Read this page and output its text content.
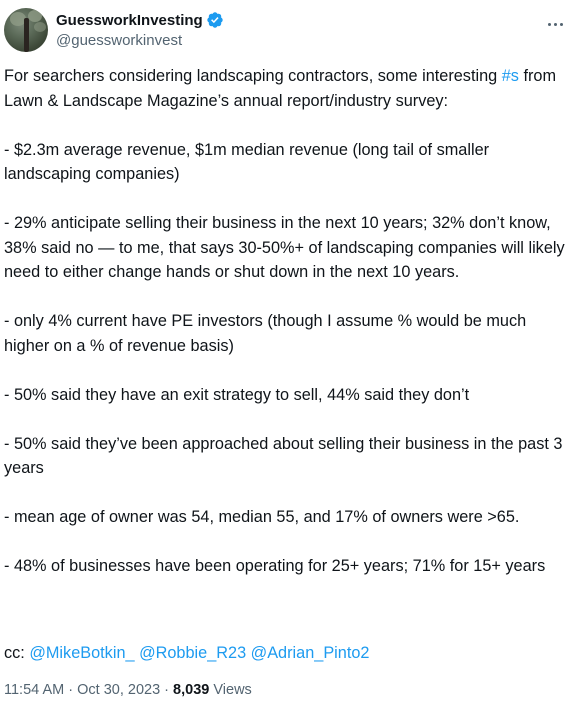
GuessworkInvesting
@guessworkinvest

For searchers considering landscaping contractors, some interesting #s from Lawn & Landscape Magazine’s annual report/industry survey:

- $2.3m average revenue, $1m median revenue (long tail of smaller landscaping companies)

- 29% anticipate selling their business in the next 10 years; 32% don’t know, 38% said no — to me, that says 30-50%+ of landscaping companies will likely need to either change hands or shut down in the next 10 years.

- only 4% current have PE investors (though I assume % would be much higher on a % of revenue basis)

- 50% said they have an exit strategy to sell, 44% said they don’t

- 50% said they’ve been approached about selling their business in the past 3 years

- mean age of owner was 54, median 55, and 17% of owners were >65.

- 48% of businesses have been operating for 25+ years; 71% for 15+ years

cc: @MikeBotkin_ @Robbie_R23 @Adrian_Pinto2
11:54 AM · Oct 30, 2023 · 8,039 Views
